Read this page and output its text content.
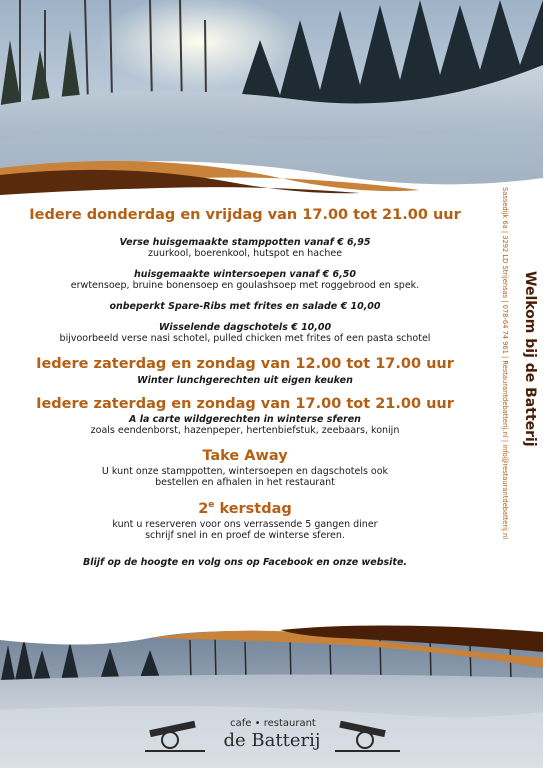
Iedere donderdag en vrijdag van 17.00 tot 21.00 uur
Verse huisgemaakte stamppotten vanaf € 6,95
zuurkool, boerenkool, hutspot en hachee
huisgemaakte wintersoepen vanaf € 6,50
erwtensoep, bruine bonensoep en goulashsoep met roggebrood en spek.
onbeperkt Spare-Ribs met frites en salade € 10,00
Wisselende dagschotels € 10,00
bijvoorbeeld verse nasi schotel, pulled chicken met frites of een pasta schotel
Iedere zaterdag en zondag van 12.00 tot 17.00 uur
Winter lunchgerechten uit eigen keuken
Iedere zaterdag en zondag van 17.00 tot 21.00 uur
A la carte wildgerechten in winterse sferen
zoals eendenborst, hazenpeper, hertenbiefstuk, zeebaars, konijn
Take Away
U kunt onze stamppotten, wintersoepen en dagschotels ook
bestellen en afhalen in het restaurant
2e kerstdag
kunt u reserveren voor ons verrassende 5 gangen diner
schrijf snel in en proef de winterse sferen.
Blijf op de hoogte en volg ons op Facebook en onze website.
Welkom bij de Batterij
Sassedijk 6a | 3292 LD Strijensas | 078-64 74 961 | Restaurantdebatterij.nl | info@restaurantdebatterij.nl
cafe • restaurant
de Batterij
